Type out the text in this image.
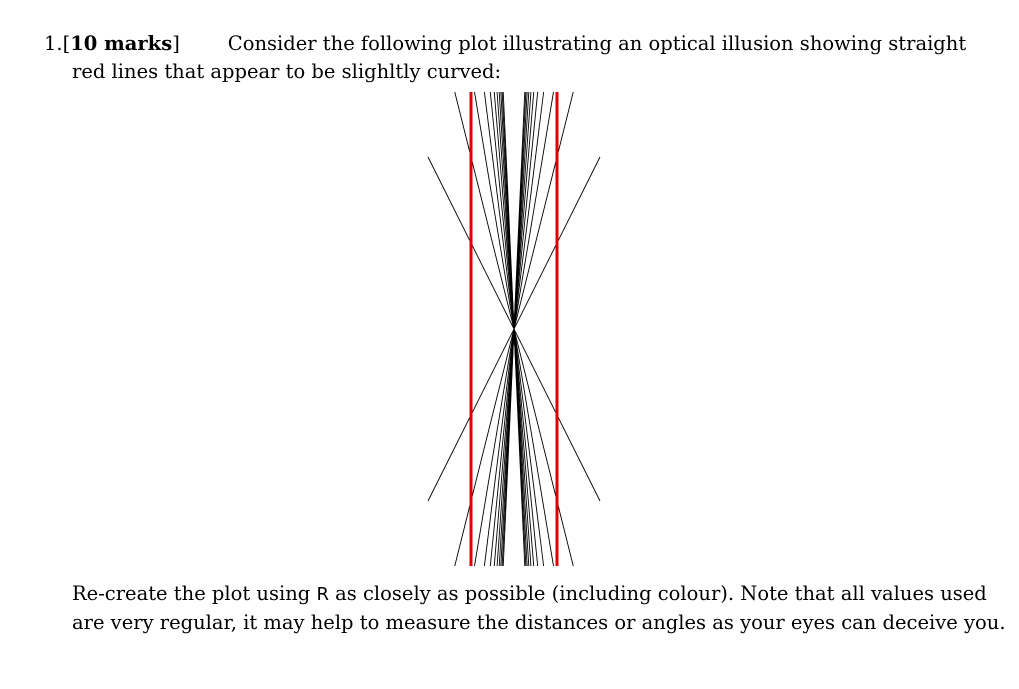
1. [10 marks] Consider the following plot illustrating an optical illusion showing straight
red lines that appear to be slighltly curved:

Re-create the plot using R as closely as possible (including colour). Note that all values used

are very regular, it may help to measure the distances or angles as your eyes can deceive you.
